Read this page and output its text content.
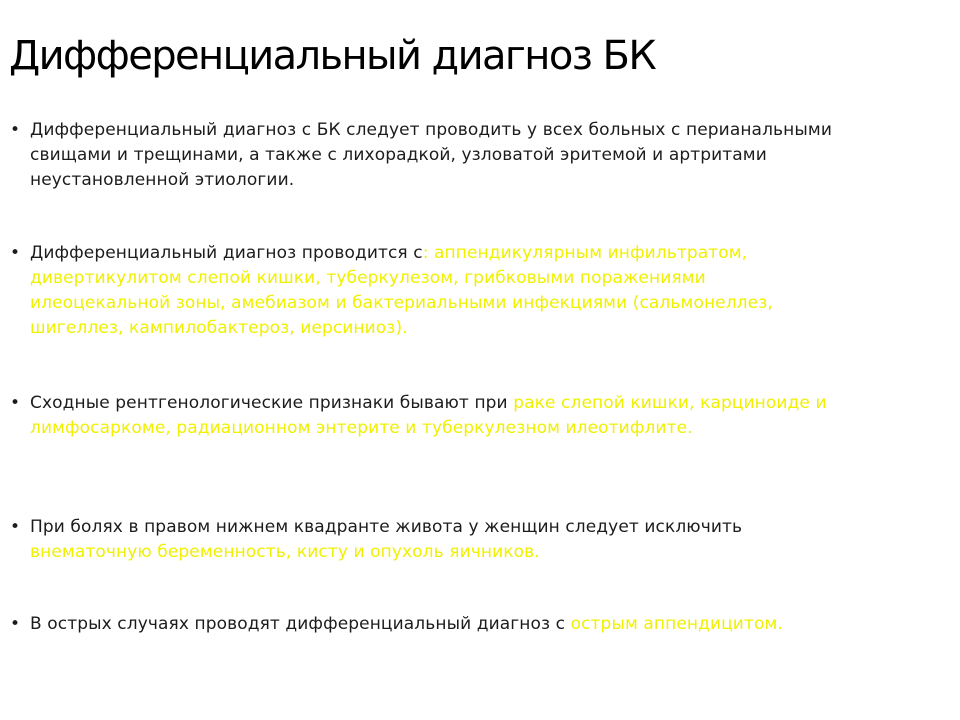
Дифференциальный диагноз БК
• Дифференциальный диагноз с БК следует проводить у всех больных с перианальными свищами и трещинами, а также с лихорадкой, узловатой эритемой и артритами неустановленной этиологии.
• Дифференциальный диагноз проводится с: аппендикулярным инфильтратом, дивертикулитом слепой кишки, туберкулезом, грибковыми поражениями илеоцекальной зоны, амебиазом и бактериальными инфекциями (сальмонеллез, шигеллез, кампилобактероз, иерсиниоз).
• Сходные рентгенологические признаки бывают при раке слепой кишки, карциноиде и лимфосаркоме, радиационном энтерите и туберкулезном илеотифлите.
• При болях в правом нижнем квадранте живота у женщин следует исключить внематочную беременность, кисту и опухоль яичников.
• В острых случаях проводят дифференциальный диагноз с острым аппендицитом.
